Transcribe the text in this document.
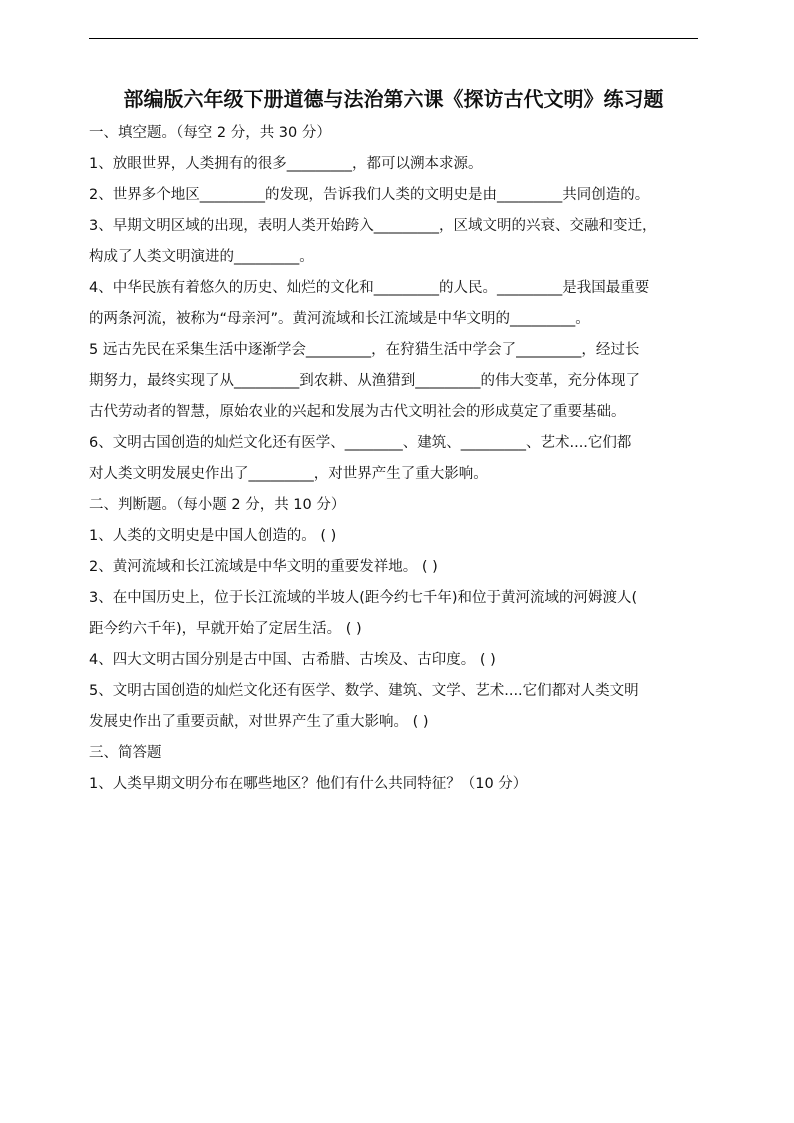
部编版六年级下册道德与法治第六课《探访古代文明》练习题
一、填空题。（每空 2 分，共 30 分）
1、放眼世界，人类拥有的很多_________，都可以溯本求源。
2、世界多个地区_________的发现，告诉我们人类的文明史是由_________共同创造的。
3、早期文明区域的出现，表明人类开始跨入_________，区域文明的兴衰、交融和变迁，
构成了人类文明演进的_________。
4、中华民族有着悠久的历史、灿烂的文化和_________的人民。_________是我国最重要
的两条河流，被称为“母亲河”。黄河流域和长江流域是中华文明的_________。
5 远古先民在采集生活中逐渐学会_________，在狩猎生活中学会了_________，经过长
期努力，最终实现了从_________到农耕、从渔猎到_________的伟大变革，充分体现了
古代劳动者的智慧，原始农业的兴起和发展为古代文明社会的形成莫定了重要基础。
6、文明古国创造的灿烂文化还有医学、________、建筑、_________、艺术....它们都
对人类文明发展史作出了_________，对世界产生了重大影响。
二、判断题。（每小题 2 分，共 10 分）
1、人类的文明史是中国人创造的。 ( )
2、黄河流域和长江流域是中华文明的重要发祥地。 ( )
3、在中国历史上，位于长江流域的半坡人(距今约七千年)和位于黄河流域的河姆渡人(
距今约六千年)，早就开始了定居生活。 ( )
4、四大文明古国分别是古中国、古希腊、古埃及、古印度。 ( )
5、文明古国创造的灿烂文化还有医学、数学、建筑、文学、艺术....它们都对人类文明
发展史作出了重要贡献，对世界产生了重大影响。 ( )
三、简答题
1、人类早期文明分布在哪些地区？他们有什么共同特征？（10 分）
